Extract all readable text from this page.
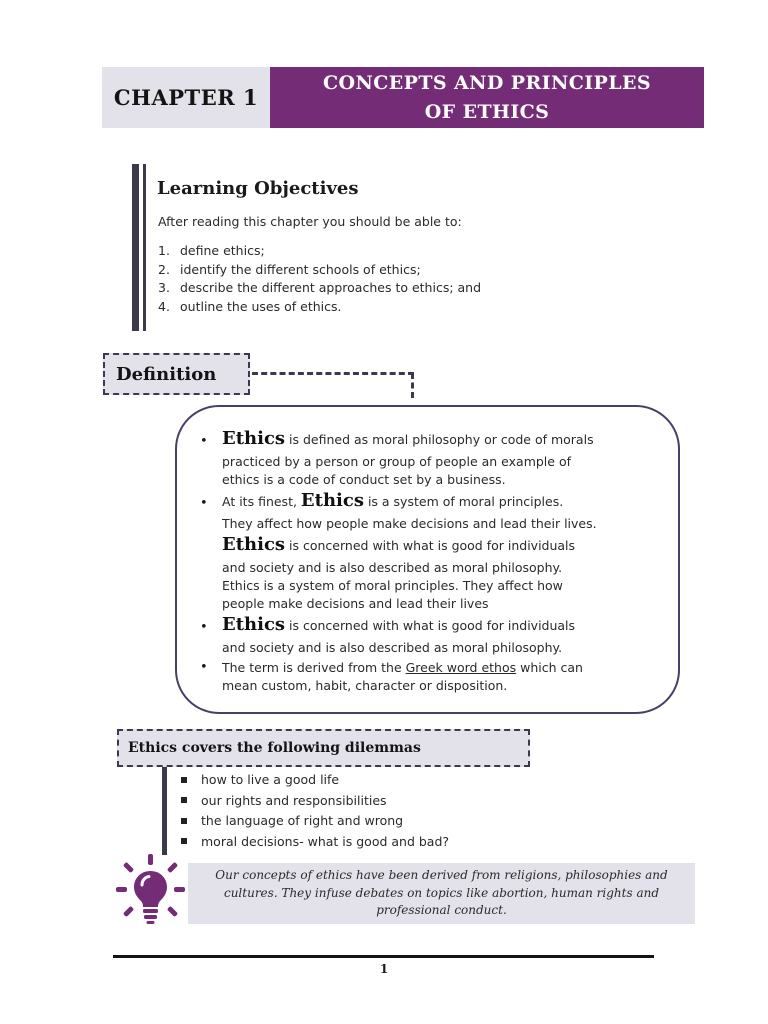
CHAPTER 1
CONCEPTS AND PRINCIPLES
OF ETHICS
Learning Objectives
After reading this chapter you should be able to:
1. define ethics;
2. identify the different schools of ethics;
3. describe the different approaches to ethics; and
4. outline the uses of ethics.
Definition
• Ethics is defined as moral philosophy or code of morals
practiced by a person or group of people an example of
ethics is a code of conduct set by a business.
• At its finest, Ethics is a system of moral principles.
They affect how people make decisions and lead their lives.
Ethics is concerned with what is good for individuals
and society and is also described as moral philosophy.
Ethics is a system of moral principles. They affect how
people make decisions and lead their lives
• Ethics is concerned with what is good for individuals
and society and is also described as moral philosophy.
• The term is derived from the Greek word ethos which can
mean custom, habit, character or disposition.
Ethics covers the following dilemmas
how to live a good life
our rights and responsibilities
the language of right and wrong
moral decisions- what is good and bad?
Our concepts of ethics have been derived from religions, philosophies and
cultures. They infuse debates on topics like abortion, human rights and
professional conduct.
1
